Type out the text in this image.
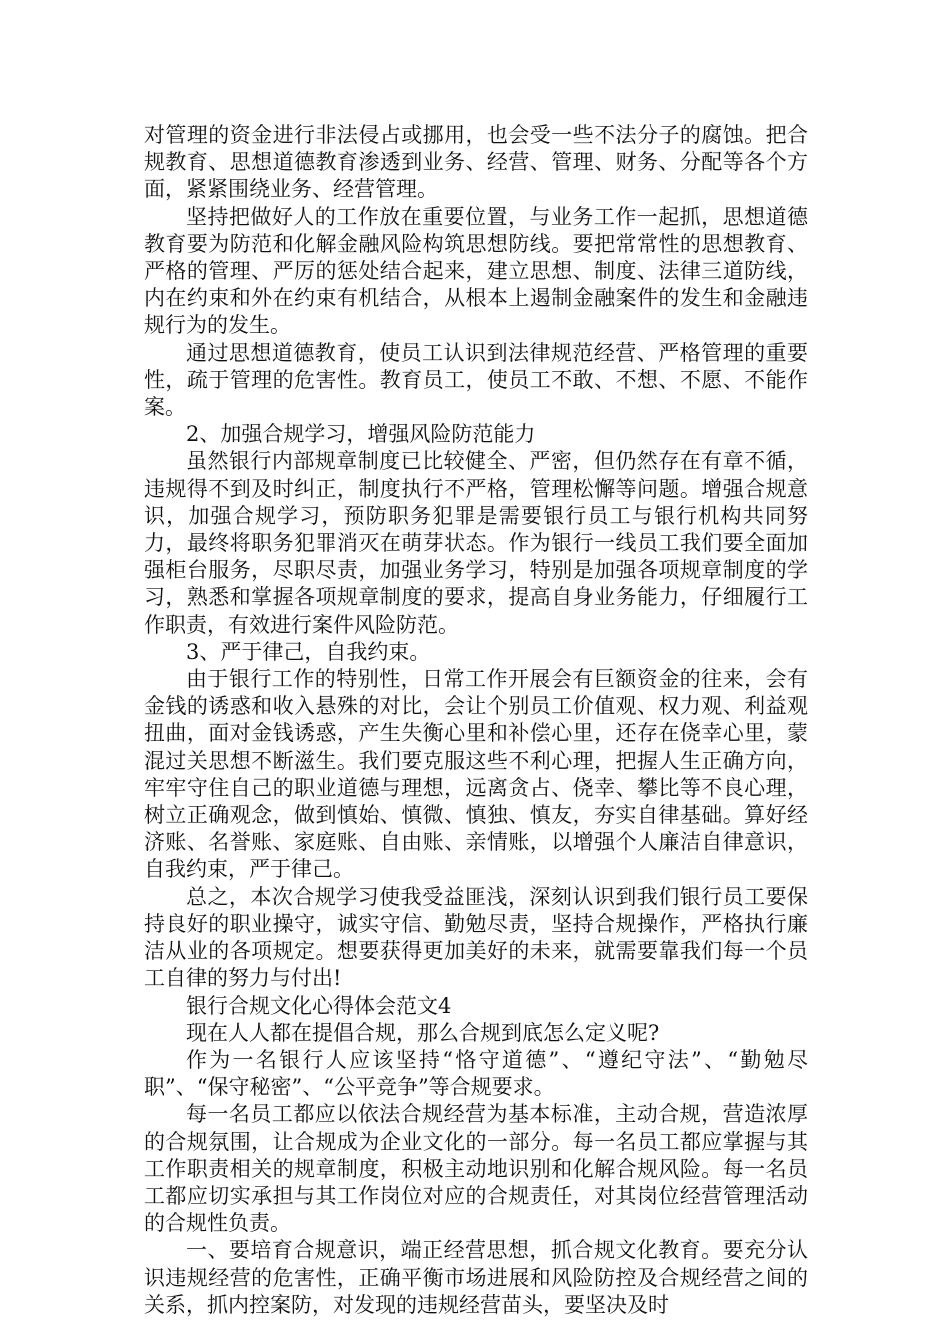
对管理的资金进行非法侵占或挪用，也会受一些不法分子的腐蚀。把合规教育、思想道德教育渗透到业务、经营、管理、财务、分配等各个方面，紧紧围绕业务、经营管理。

坚持把做好人的工作放在重要位置，与业务工作一起抓，思想道德教育要为防范和化解金融风险构筑思想防线。要把常常性的思想教育、严格的管理、严厉的惩处结合起来，建立思想、制度、法律三道防线，内在约束和外在约束有机结合，从根本上遏制金融案件的发生和金融违规行为的发生。

通过思想道德教育，使员工认识到法律规范经营、严格管理的重要性，疏于管理的危害性。教育员工，使员工不敢、不想、不愿、不能作案。

2、加强合规学习，增强风险防范能力

虽然银行内部规章制度已比较健全、严密，但仍然存在有章不循，违规得不到及时纠正，制度执行不严格，管理松懈等问题。增强合规意识，加强合规学习，预防职务犯罪是需要银行员工与银行机构共同努力，最终将职务犯罪消灭在萌芽状态。作为银行一线员工我们要全面加强柜台服务，尽职尽责，加强业务学习，特别是加强各项规章制度的学习，熟悉和掌握各项规章制度的要求，提高自身业务能力，仔细履行工作职责，有效进行案件风险防范。

3、严于律己，自我约束。

由于银行工作的特别性，日常工作开展会有巨额资金的往来，会有金钱的诱惑和收入悬殊的对比，会让个别员工价值观、权力观、利益观扭曲，面对金钱诱惑，产生失衡心里和补偿心里，还存在侥幸心里，蒙混过关思想不断滋生。我们要克服这些不利心理，把握人生正确方向，牢牢守住自己的职业道德与理想，远离贪占、侥幸、攀比等不良心理，树立正确观念，做到慎始、慎微、慎独、慎友，夯实自律基础。算好经济账、名誉账、家庭账、自由账、亲情账，以增强个人廉洁自律意识，自我约束，严于律己。

总之，本次合规学习使我受益匪浅，深刻认识到我们银行员工要保持良好的职业操守，诚实守信、勤勉尽责，坚持合规操作，严格执行廉洁从业的各项规定。想要获得更加美好的未来，就需要靠我们每一个员工自律的努力与付出!

银行合规文化心得体会范文4

现在人人都在提倡合规，那么合规到底怎么定义呢?

作为一名银行人应该坚持“恪守道德”、“遵纪守法”、“勤勉尽职”、“保守秘密”、“公平竞争”等合规要求。

每一名员工都应以依法合规经营为基本标准，主动合规，营造浓厚的合规氛围，让合规成为企业文化的一部分。每一名员工都应掌握与其工作职责相关的规章制度，积极主动地识别和化解合规风险。每一名员工都应切实承担与其工作岗位对应的合规责任，对其岗位经营管理活动的合规性负责。

一、要培育合规意识，端正经营思想，抓合规文化教育。要充分认识违规经营的危害性，正确平衡市场进展和风险防控及合规经营之间的关系，抓内控案防，对发现的违规经营苗头，要坚决及时
